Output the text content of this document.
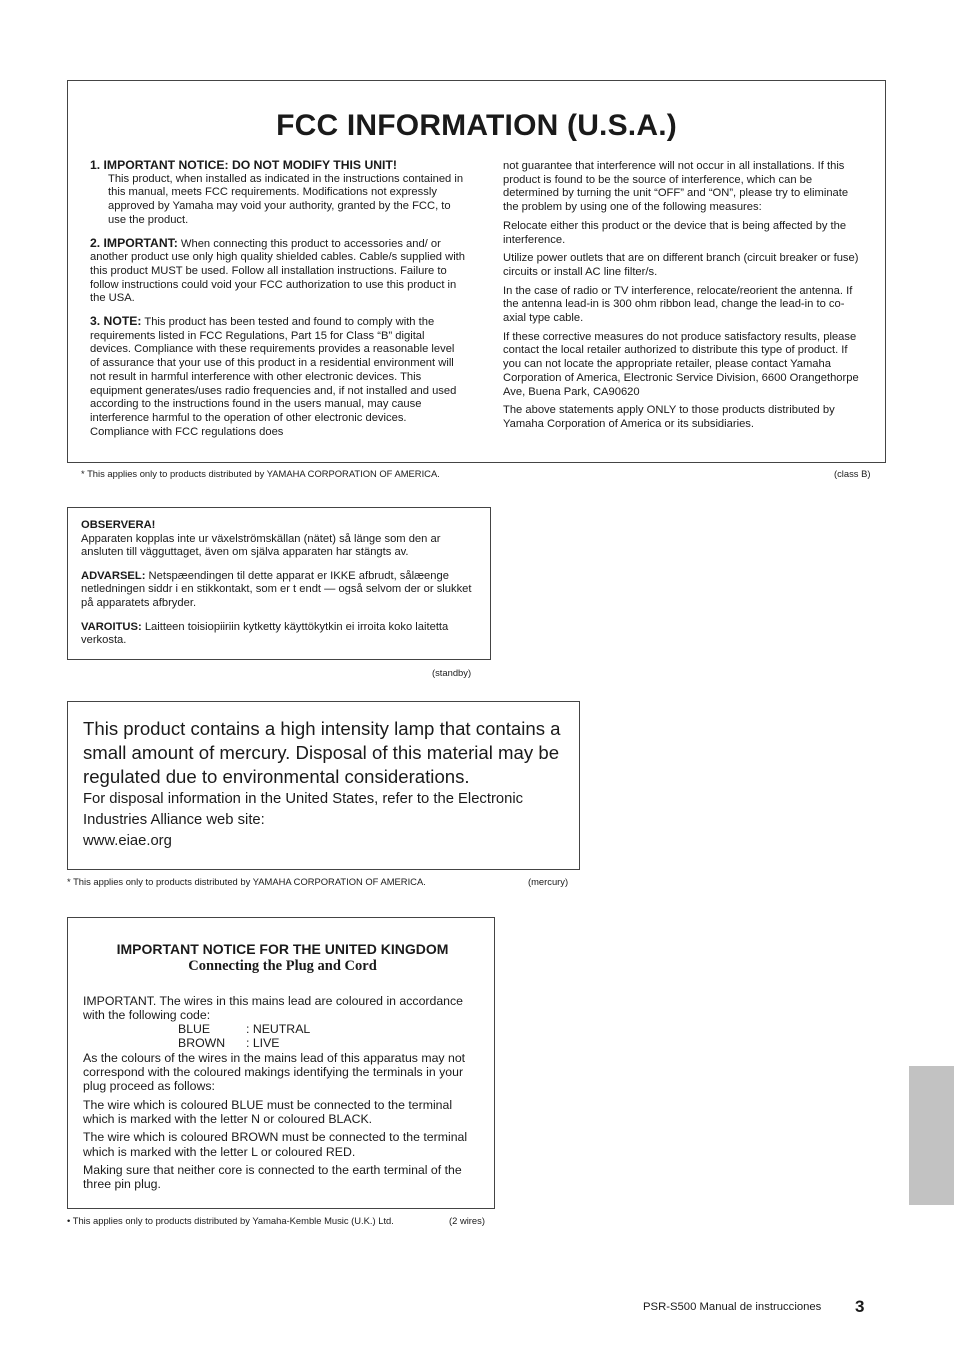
FCC INFORMATION (U.S.A.)
1. IMPORTANT NOTICE: DO NOT MODIFY THIS UNIT!
This product, when installed as indicated in the instructions contained in this manual, meets FCC requirements. Modifications not expressly approved by Yamaha may void your authority, granted by the FCC, to use the product.
2. IMPORTANT: When connecting this product to accessories and/ or another product use only high quality shielded cables. Cable/s supplied with this product MUST be used. Follow all installation instructions. Failure to follow instructions could void your FCC authorization to use this product in the USA.
3. NOTE: This product has been tested and found to comply with the requirements listed in FCC Regulations, Part 15 for Class “B” digital devices. Compliance with these requirements provides a reasonable level of assurance that your use of this product in a residential environment will not result in harmful interference with other electronic devices. This equipment generates/uses radio frequencies and, if not installed and used according to the instructions found in the users manual, may cause interference harmful to the operation of other electronic devices. Compliance with FCC regulations does

not guarantee that interference will not occur in all installations. If this product is found to be the source of interference, which can be determined by turning the unit “OFF” and “ON”, please try to eliminate the problem by using one of the following measures:

Relocate either this product or the device that is being affected by the interference.

Utilize power outlets that are on different branch (circuit breaker or fuse) circuits or install AC line filter/s.

In the case of radio or TV interference, relocate/reorient the antenna. If the antenna lead-in is 300 ohm ribbon lead, change the lead-in to co-axial type cable.

If these corrective measures do not produce satisfactory results, please contact the local retailer authorized to distribute this type of product. If you can not locate the appropriate retailer, please contact Yamaha Corporation of America, Electronic Service Division, 6600 Orangethorpe Ave, Buena Park, CA90620

The above statements apply ONLY to those products distributed by Yamaha Corporation of America or its subsidiaries.

* This applies only to products distributed by YAMAHA CORPORATION OF AMERICA.	(class B)
OBSERVERA!
Apparaten kopplas inte ur växelströmskällan (nätet) så länge som den ar ansluten till vägguttaget, även om själva apparaten har stängts av.
ADVARSEL: Netspæendingen til dette apparat er IKKE afbrudt, sålæenge netledningen siddr i en stikkontakt, som er t endt — også selvom der or slukket på apparatets afbryder.
VAROITUS: Laitteen toisiopiiriin kytketty käyttökytkin ei irroita koko laitetta verkosta.
(standby)
This product contains a high intensity lamp that contains a small amount of mercury. Disposal of this material may be regulated due to environmental considerations.
For disposal information in the United States, refer to the Electronic Industries Alliance web site:
www.eiae.org
* This applies only to products distributed by YAMAHA CORPORATION OF AMERICA.	(mercury)
IMPORTANT NOTICE FOR THE UNITED KINGDOM
Connecting the Plug and Cord

IMPORTANT. The wires in this mains lead are coloured in accordance with the following code:

BLUE	: NEUTRAL
BROWN : LIVE

As the colours of the wires in the mains lead of this apparatus may not correspond with the coloured makings identifying the terminals in your plug proceed as follows:

The wire which is coloured BLUE must be connected to the terminal which is marked with the letter N or coloured BLACK.

The wire which is coloured BROWN must be connected to the terminal which is marked with the letter L or coloured RED.

Making sure that neither core is connected to the earth terminal of the three pin plug.

• This applies only to products distributed by Yamaha-Kemble Music (U.K.) Ltd.	(2 wires)
PSR-S500 Manual de instrucciones 3
